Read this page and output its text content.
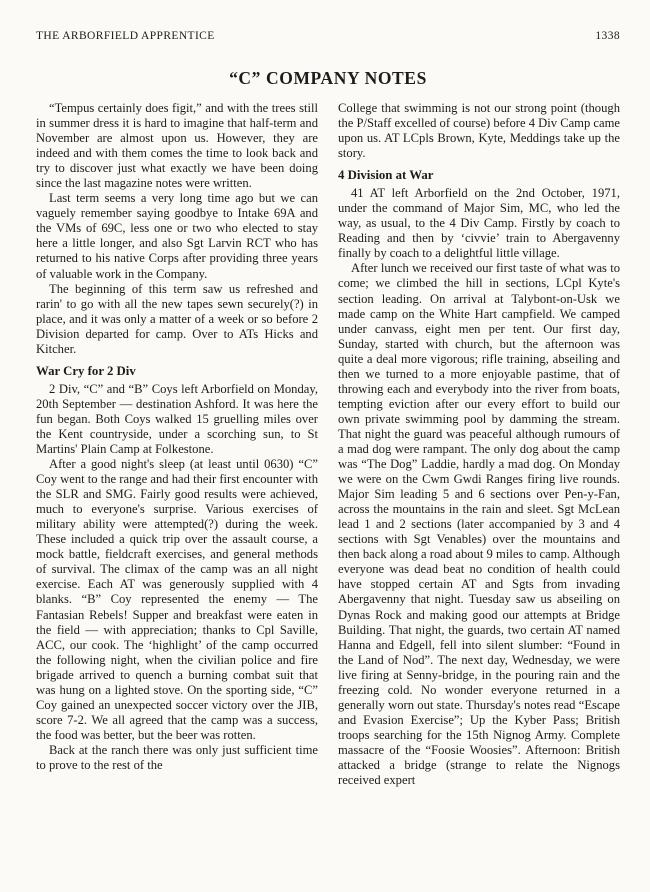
THE ARBORFIELD APPRENTICE	1338
“C” COMPANY NOTES

“Tempus certainly does figit,” and with the trees still in summer dress it is hard to imagine that half-term and November are almost upon us. However, they are indeed and with them comes the time to look back and try to discover just what exactly we have been doing since the last magazine notes were written.

Last term seems a very long time ago but we can vaguely remember saying goodbye to Intake 69A and the VMs of 69C, less one or two who elected to stay here a little longer, and also Sgt Larvin RCT who has returned to his native Corps after providing three years of valuable work in the Company.

The beginning of this term saw us refreshed and rarin' to go with all the new tapes sewn securely(?) in place, and it was only a matter of a week or so before 2 Division departed for camp. Over to ATs Hicks and Kitcher.

War Cry for 2 Div

2 Div, “C” and “B” Coys left Arborfield on Monday, 20th September — destination Ashford. It was here the fun began. Both Coys walked 15 gruelling miles over the Kent countryside, under a scorching sun, to St Martins' Plain Camp at Folkestone.

After a good night's sleep (at least until 0630) “C” Coy went to the range and had their first encounter with the SLR and SMG. Fairly good results were achieved, much to everyone's surprise. Various exercises of military ability were attempted(?) during the week. These included a quick trip over the assault course, a mock battle, fieldcraft exercises, and general methods of survival. The climax of the camp was an all night exercise. Each AT was generously supplied with 4 blanks. “B” Coy represented the enemy — The Fantasian Rebels! Supper and breakfast were eaten in the field — with appreciation; thanks to Cpl Saville, ACC, our cook. The ‘highlight’ of the camp occurred the following night, when the civilian police and fire brigade arrived to quench a burning combat suit that was hung on a lighted stove. On the sporting side, “C” Coy gained an unexpected soccer victory over the JIB, score 7-2. We all agreed that the camp was a success, the food was better, but the beer was rotten.

Back at the ranch there was only just sufficient time to prove to the rest of the

College that swimming is not our strong point (though the P/Staff excelled of course) before 4 Div Camp came upon us. AT LCpls Brown, Kyte, Meddings take up the story.

4 Division at War

41 AT left Arborfield on the 2nd October, 1971, under the command of Major Sim, MC, who led the way, as usual, to the 4 Div Camp. Firstly by coach to Reading and then by ‘civvie’ train to Abergavenny finally by coach to a delightful little village.

After lunch we received our first taste of what was to come; we climbed the hill in sections, LCpl Kyte's section leading. On arrival at Talybont-on-Usk we made camp on the White Hart campfield. We camped under canvass, eight men per tent. Our first day, Sunday, started with church, but the afternoon was quite a deal more vigorous; rifle training, abseiling and then we turned to a more enjoyable pastime, that of throwing each and everybody into the river from boats, tempting eviction after our every effort to build our own private swimming pool by damming the stream. That night the guard was peaceful although rumours of a mad dog were rampant. The only dog about the camp was “The Dog” Laddie, hardly a mad dog. On Monday we were on the Cwm Gwdi Ranges firing live rounds. Major Sim leading 5 and 6 sections over Pen-y-Fan, across the mountains in the rain and sleet. Sgt McLean lead 1 and 2 sections (later accompanied by 3 and 4 sections with Sgt Venables) over the mountains and then back along a road about 9 miles to camp. Although everyone was dead beat no condition of health could have stopped certain AT and Sgts from invading Abergavenny that night. Tuesday saw us abseiling on Dynas Rock and making good our attempts at Bridge Building. That night, the guards, two certain AT named Hanna and Edgell, fell into silent slumber: “Found in the Land of Nod”. The next day, Wednesday, we were live firing at Senny-bridge, in the pouring rain and the freezing cold. No wonder everyone returned in a generally worn out state. Thursday's notes read “Escape and Evasion Exercise”; Up the Kyber Pass; British troops searching for the 15th Nignog Army. Complete massacre of the “Foosie Woosies”. Afternoon: British attacked a bridge (strange to relate the Nignogs received expert
